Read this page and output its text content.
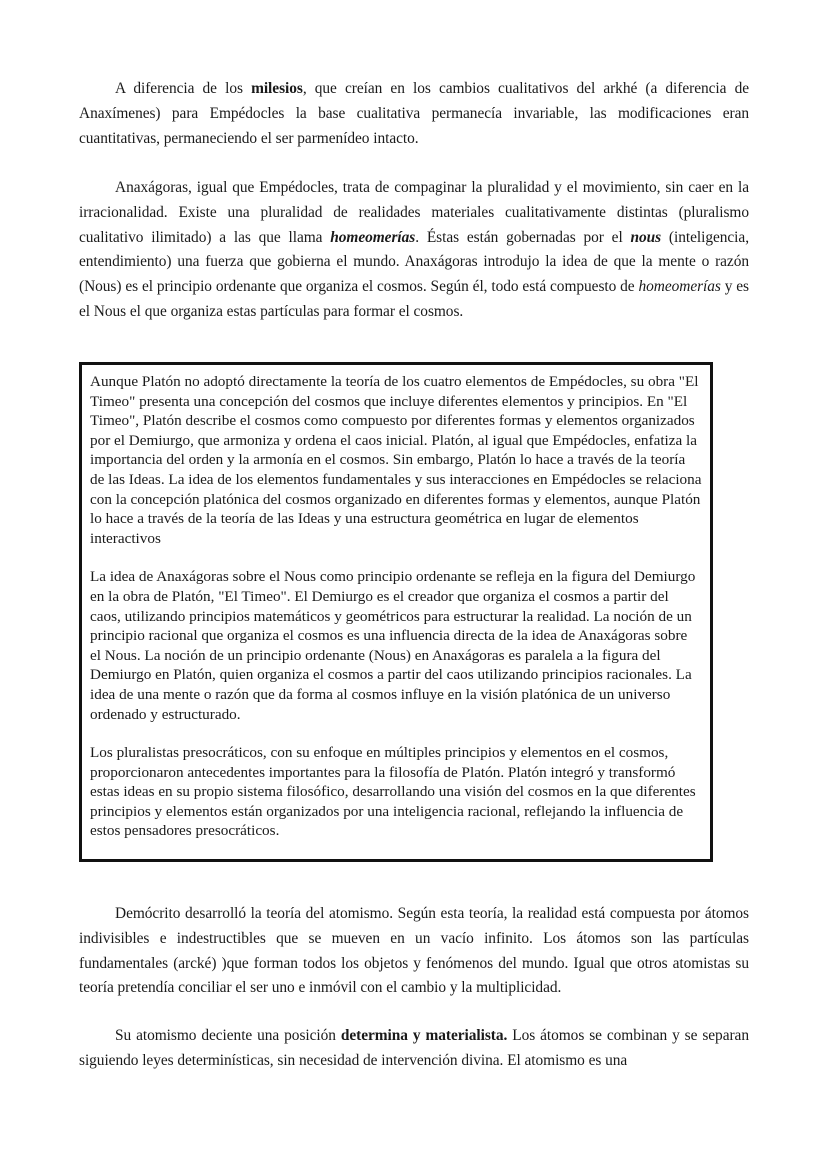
A diferencia de los milesios, que creían en los cambios cualitativos del arkhé (a diferencia de Anaxímenes) para Empédocles la base cualitativa permanecía invariable, las modificaciones eran cuantitativas, permaneciendo el ser parmenídeo intacto.

Anaxágoras, igual que Empédocles, trata de compaginar la pluralidad y el movimiento, sin caer en la irracionalidad. Existe una pluralidad de realidades materiales cualitativamente distintas (pluralismo cualitativo ilimitado) a las que llama homeomerías. Éstas están gobernadas por el nous (inteligencia, entendimiento) una fuerza que gobierna el mundo. Anaxágoras introdujo la idea de que la mente o razón (Nous) es el principio ordenante que organiza el cosmos. Según él, todo está compuesto de homeomerías y es el Nous el que organiza estas partículas para formar el cosmos.

Aunque Platón no adoptó directamente la teoría de los cuatro elementos de Empédocles, su obra "El Timeo" presenta una concepción del cosmos que incluye diferentes elementos y principios. En "El Timeo", Platón describe el cosmos como compuesto por diferentes formas y elementos organizados por el Demiurgo, que armoniza y ordena el caos inicial. Platón, al igual que Empédocles, enfatiza la importancia del orden y la armonía en el cosmos. Sin embargo, Platón lo hace a través de la teoría de las Ideas. La idea de los elementos fundamentales y sus interacciones en Empédocles se relaciona con la concepción platónica del cosmos organizado en diferentes formas y elementos, aunque Platón lo hace a través de la teoría de las Ideas y una estructura geométrica en lugar de elementos interactivos

La idea de Anaxágoras sobre el Nous como principio ordenante se refleja en la figura del Demiurgo en la obra de Platón, "El Timeo". El Demiurgo es el creador que organiza el cosmos a partir del caos, utilizando principios matemáticos y geométricos para estructurar la realidad. La noción de un principio racional que organiza el cosmos es una influencia directa de la idea de Anaxágoras sobre el Nous. La noción de un principio ordenante (Nous) en Anaxágoras es paralela a la figura del Demiurgo en Platón, quien organiza el cosmos a partir del caos utilizando principios racionales. La idea de una mente o razón que da forma al cosmos influye en la visión platónica de un universo ordenado y estructurado.

Los pluralistas presocráticos, con su enfoque en múltiples principios y elementos en el cosmos, proporcionaron antecedentes importantes para la filosofía de Platón. Platón integró y transformó estas ideas en su propio sistema filosófico, desarrollando una visión del cosmos en la que diferentes principios y elementos están organizados por una inteligencia racional, reflejando la influencia de estos pensadores presocráticos.

Demócrito desarrolló la teoría del atomismo. Según esta teoría, la realidad está compuesta por átomos indivisibles e indestructibles que se mueven en un vacío infinito. Los átomos son las partículas fundamentales (arcké) )que forman todos los objetos y fenómenos del mundo. Igual que otros atomistas su teoría pretendía conciliar el ser uno e inmóvil con el cambio y la multiplicidad.

Su atomismo deciente una posición determina y materialista. Los átomos se combinan y se separan siguiendo leyes determinísticas, sin necesidad de intervención divina. El atomismo es una
